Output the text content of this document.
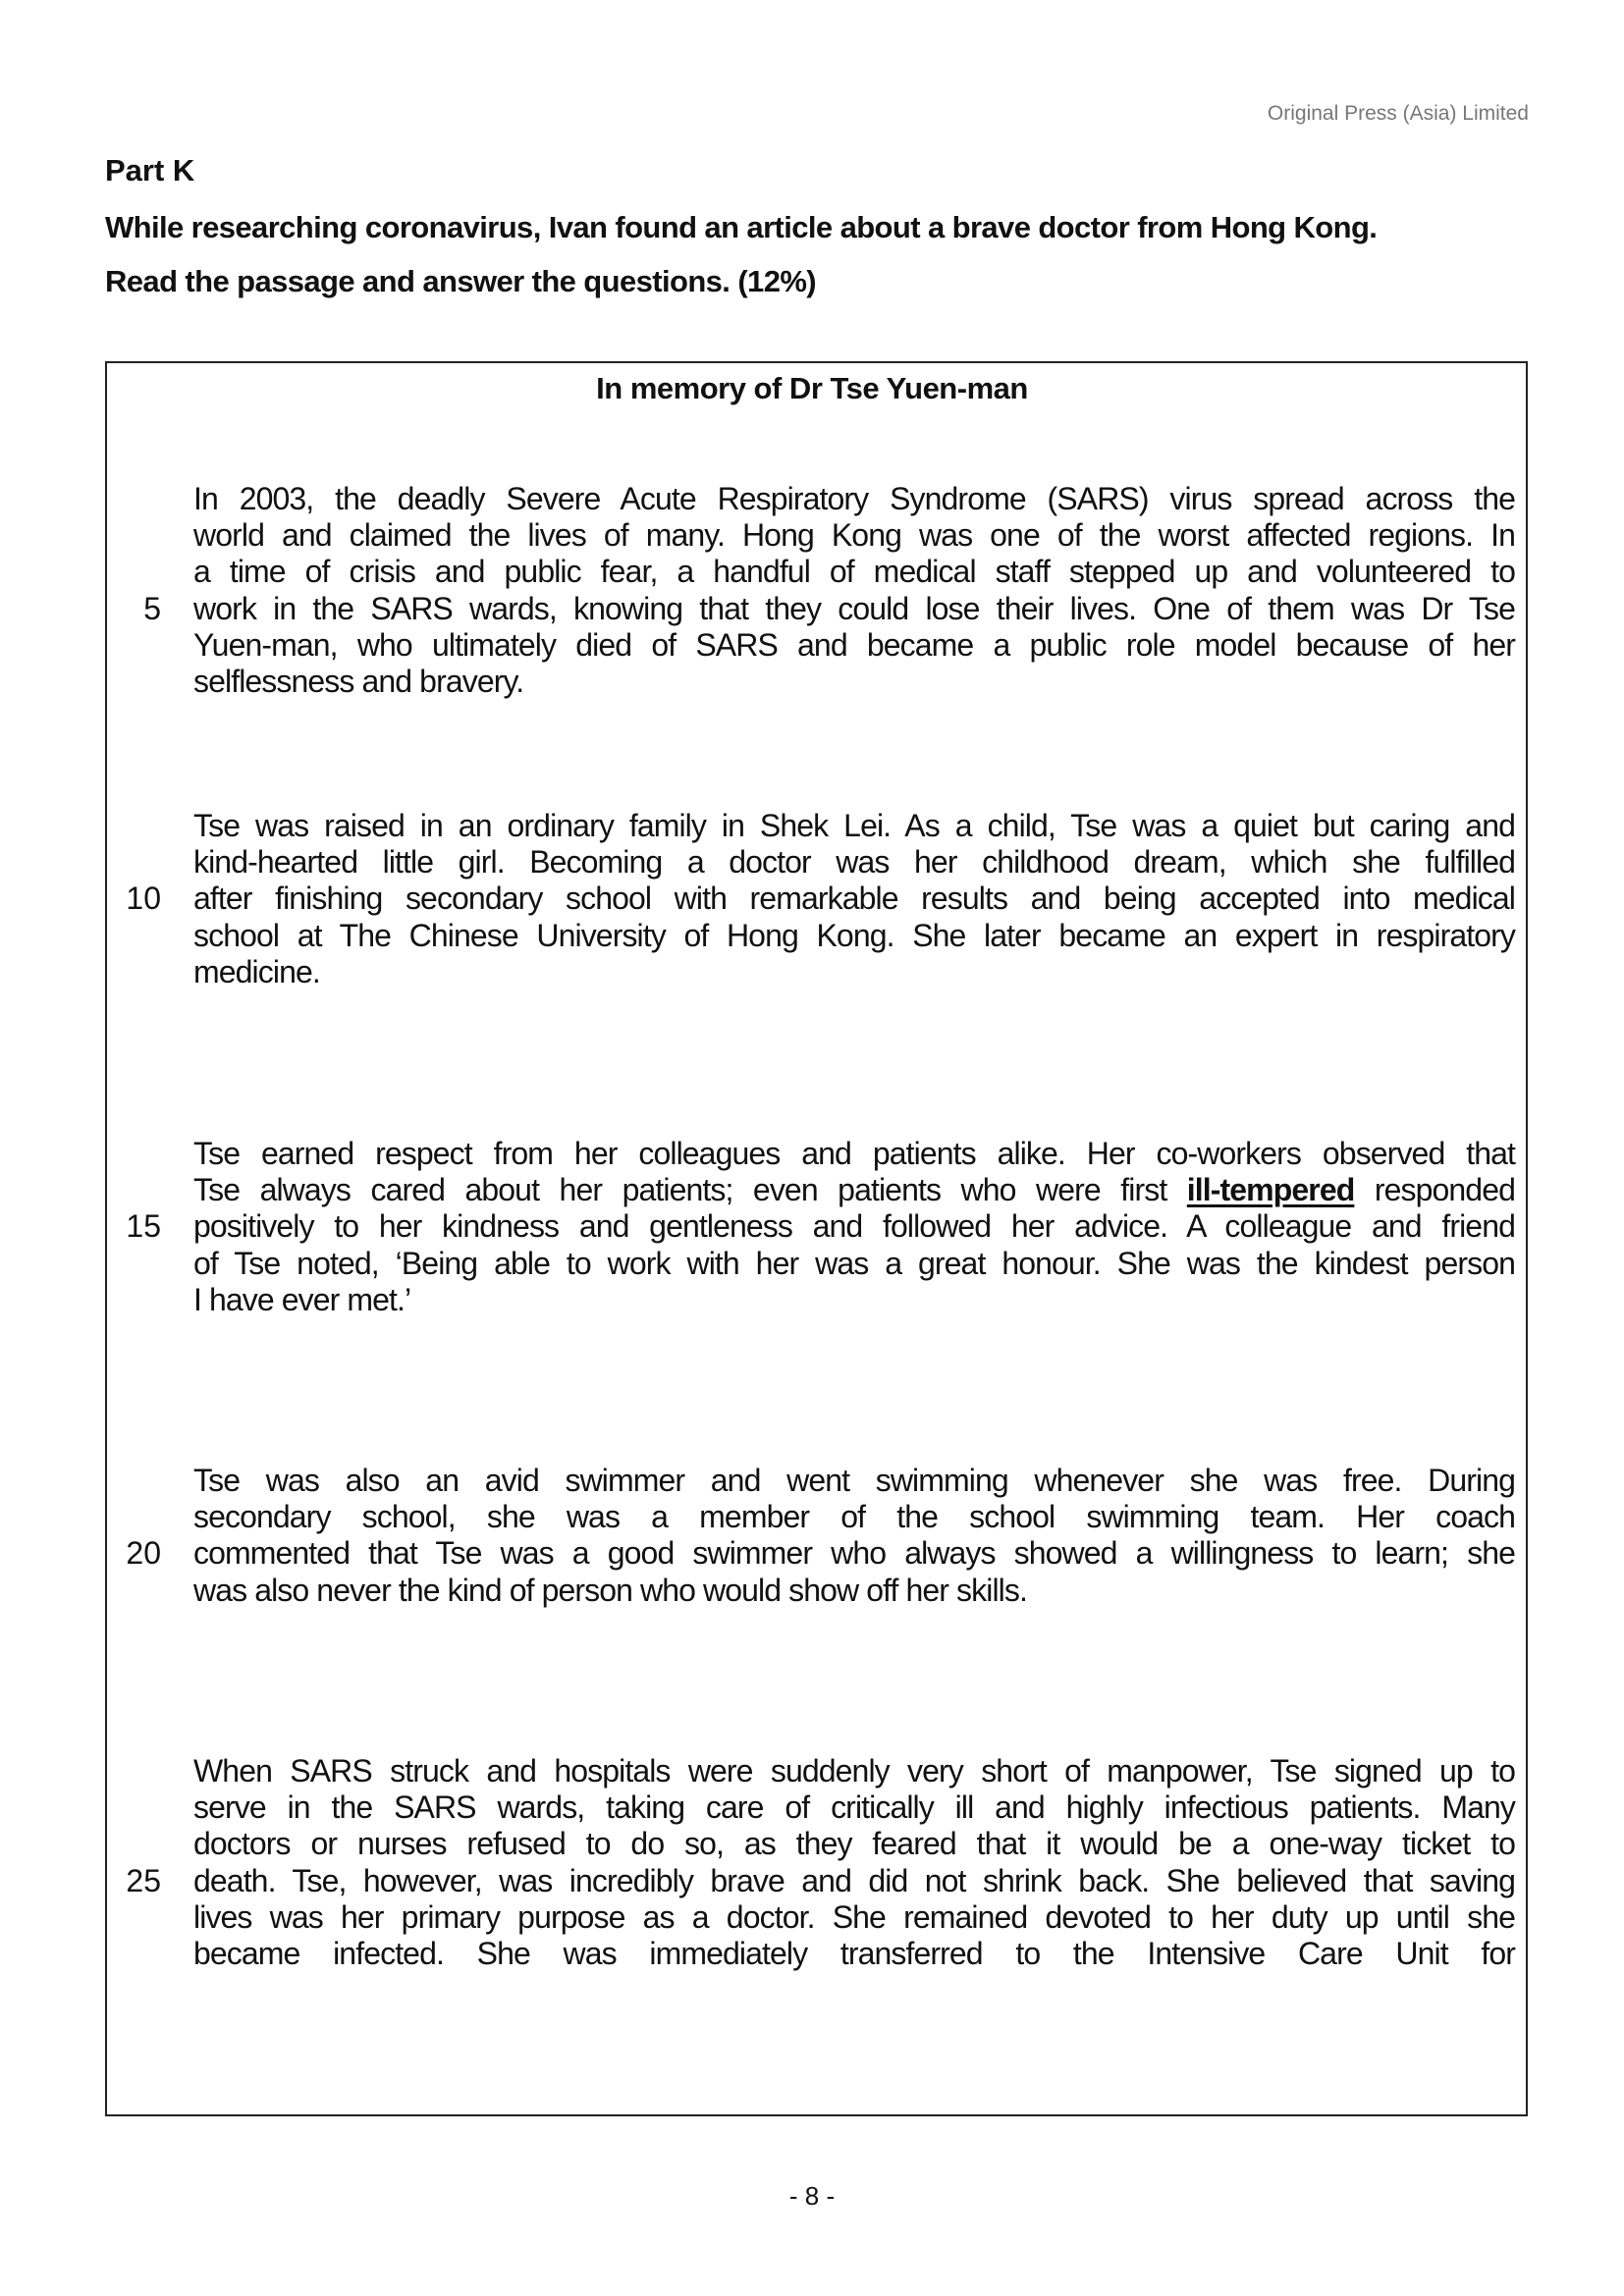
Original Press (Asia) Limited
Part K
While researching coronavirus, Ivan found an article about a brave doctor from Hong Kong.
Read the passage and answer the questions. (12%)
In memory of Dr Tse Yuen-man
In 2003, the deadly Severe Acute Respiratory Syndrome (SARS) virus spread across the
world and claimed the lives of many. Hong Kong was one of the worst affected regions. In
a time of crisis and public fear, a handful of medical staff stepped up and volunteered to
work in the SARS wards, knowing that they could lose their lives. One of them was Dr Tse
5
Yuen-man, who ultimately died of SARS and became a public role model because of her
selflessness and bravery.
Tse was raised in an ordinary family in Shek Lei. As a child, Tse was a quiet but caring and
kind-hearted little girl. Becoming a doctor was her childhood dream, which she fulfilled
after finishing secondary school with remarkable results and being accepted into medical
10
school at The Chinese University of Hong Kong. She later became an expert in respiratory
medicine.
Tse earned respect from her colleagues and patients alike. Her co-workers observed that
Tse always cared about her patients; even patients who were first ill-tempered responded
positively to her kindness and gentleness and followed her advice. A colleague and friend
15
of Tse noted, ‘Being able to work with her was a great honour. She was the kindest person
I have ever met.’
Tse was also an avid swimmer and went swimming whenever she was free. During
secondary school, she was a member of the school swimming team. Her coach
commented that Tse was a good swimmer who always showed a willingness to learn; she
20
was also never the kind of person who would show off her skills.
When SARS struck and hospitals were suddenly very short of manpower, Tse signed up to
serve in the SARS wards, taking care of critically ill and highly infectious patients. Many
doctors or nurses refused to do so, as they feared that it would be a one-way ticket to
death. Tse, however, was incredibly brave and did not shrink back. She believed that saving
25
lives was her primary purpose as a doctor. She remained devoted to her duty up until she
became infected. She was immediately transferred to the Intensive Care Unit for
- 8 -
